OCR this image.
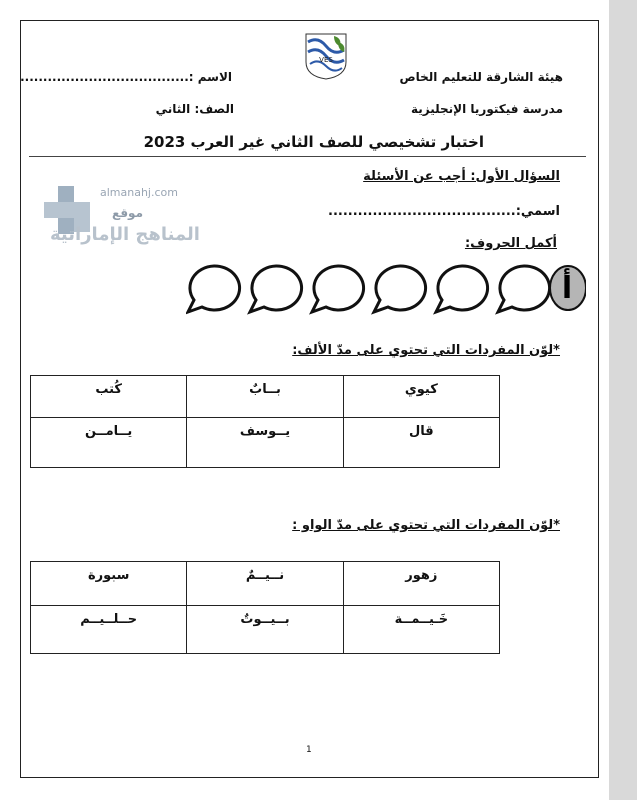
VES
هيئة الشارقة للتعليم الخاص
الاسم :.....................................
مدرسة فيكتوريا الإنجليزية
الصف: الثاني
اختبار تشخيصي للصف الثاني غير العرب 2023
السؤال الأول: أجب عن الأسئلة
اسمي:......................................
أكمل الحروف:
almanahj.com
موقع
المناهج الإماراتية
أ
*لوّن المفردات التي تحتوي على مدّ الألف:
كيوي	بــابٌ	كُتب
قال	يــوسف	يــامــن
*لوّن المفردات التي تحتوي على مدّ الواو :
زهور	نــيــمٌ	سبورة
خَـيــمــة	بــيــوتٌ	حــلــيــم
1
